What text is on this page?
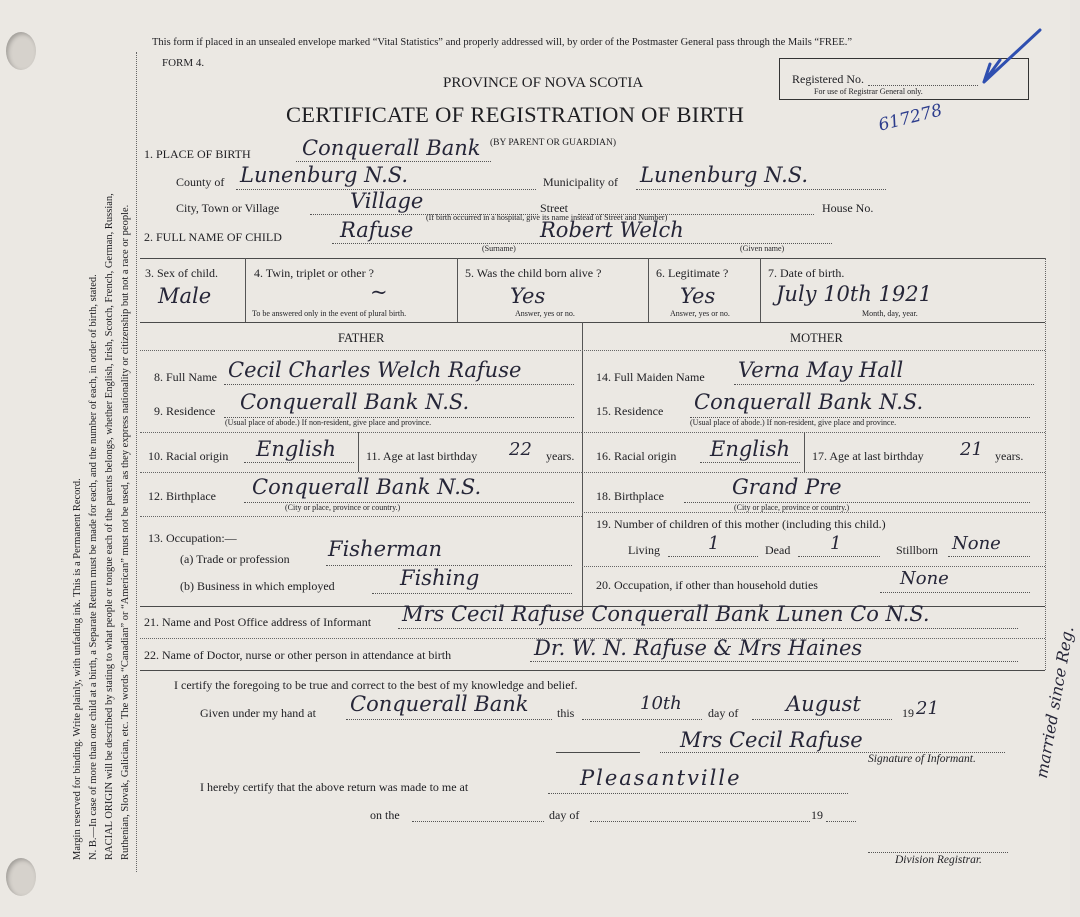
Margin reserved for binding. Write plainly, with unfading ink. This is a Permanent Record. N. B.—In case of more than one child at a birth, a Separate Return must be made for each, and the number of each, in order of birth, stated. RACIAL ORIGIN will be described by stating to what people or tongue each of the parents belongs, whether English, Irish, Scotch, French, German, Russian, Ruthenian, Slovak, Galician, etc. The words “Canadian” or “American” must not be used, as they express nationality or citizenship but not a race or people.
This form if placed in an unsealed envelope marked “Vital Statistics” and properly addressed will, by order of the Postmaster General pass through the Mails “FREE.”
FORM 4.
PROVINCE OF NOVA SCOTIA
CERTIFICATE OF REGISTRATION OF BIRTH
Registered No.
For use of Registrar General only.
617278
1. PLACE OF BIRTH Conquerall Bank (BY PARENT OR GUARDIAN)
County of Lunenburg N.S.	Municipality of Lunenburg N.S.
City, Town or Village	Village	Street
(If birth occurred in a hospital, give its name instead of Street and Number)
House No.
2. FULL NAME OF CHILD	Rafuse	Robert Welch
(Surname)	(Given name)
3. Sex of child.
Male
4. Twin, triplet or other ?
~
To be answered only in the event of plural birth.
5. Was the child born alive ?
Yes
Answer, yes or no.
6. Legitimate ?
Yes
Answer, yes or no.
7. Date of birth.
July 10th 1921
Month, day, year.
FATHER	MOTHER
8. Full Name Cecil Charles Welch Rafuse
9. Residence Conquerall Bank N.S.
(Usual place of abode.) If non-resident, give place and province.
10. Racial origin English 11. Age at last birthday 22 years.
12. Birthplace Conquerall Bank N.S.
(City or place, province or country.)
13. Occupation:—
(a) Trade or profession Fisherman
(b) Business in which employed	Fishing
14. Full Maiden Name Verna May Hall
15. Residence Conquerall Bank N.S.
(Usual place of abode.) If non-resident, give place and province.
16. Racial origin English 17. Age at last birthday 21 years.
18. Birthplace	Grand Pre
(City or place, province or country.)
19. Number of children of this mother (including this child.)
Living	1	Dead 1	Stillborn None
20. Occupation, if other than household duties	None
21. Name and Post Office address of Informant Mrs Cecil Rafuse Conquerall Bank Lunen Co N.S.
22. Name of Doctor, nurse or other person in attendance at birth	Dr. W. N. Rafuse & Mrs Haines
I certify the foregoing to be true and correct to the best of my knowledge and belief.
Given under my hand at Conquerall Bank this	10th day of August	19 21
Mrs Cecil Rafuse
Signature of Informant.
I hereby certify that the above return was made to me at	Pleasantville
on the	day of	19
Division Registrar.
married since Reg.
